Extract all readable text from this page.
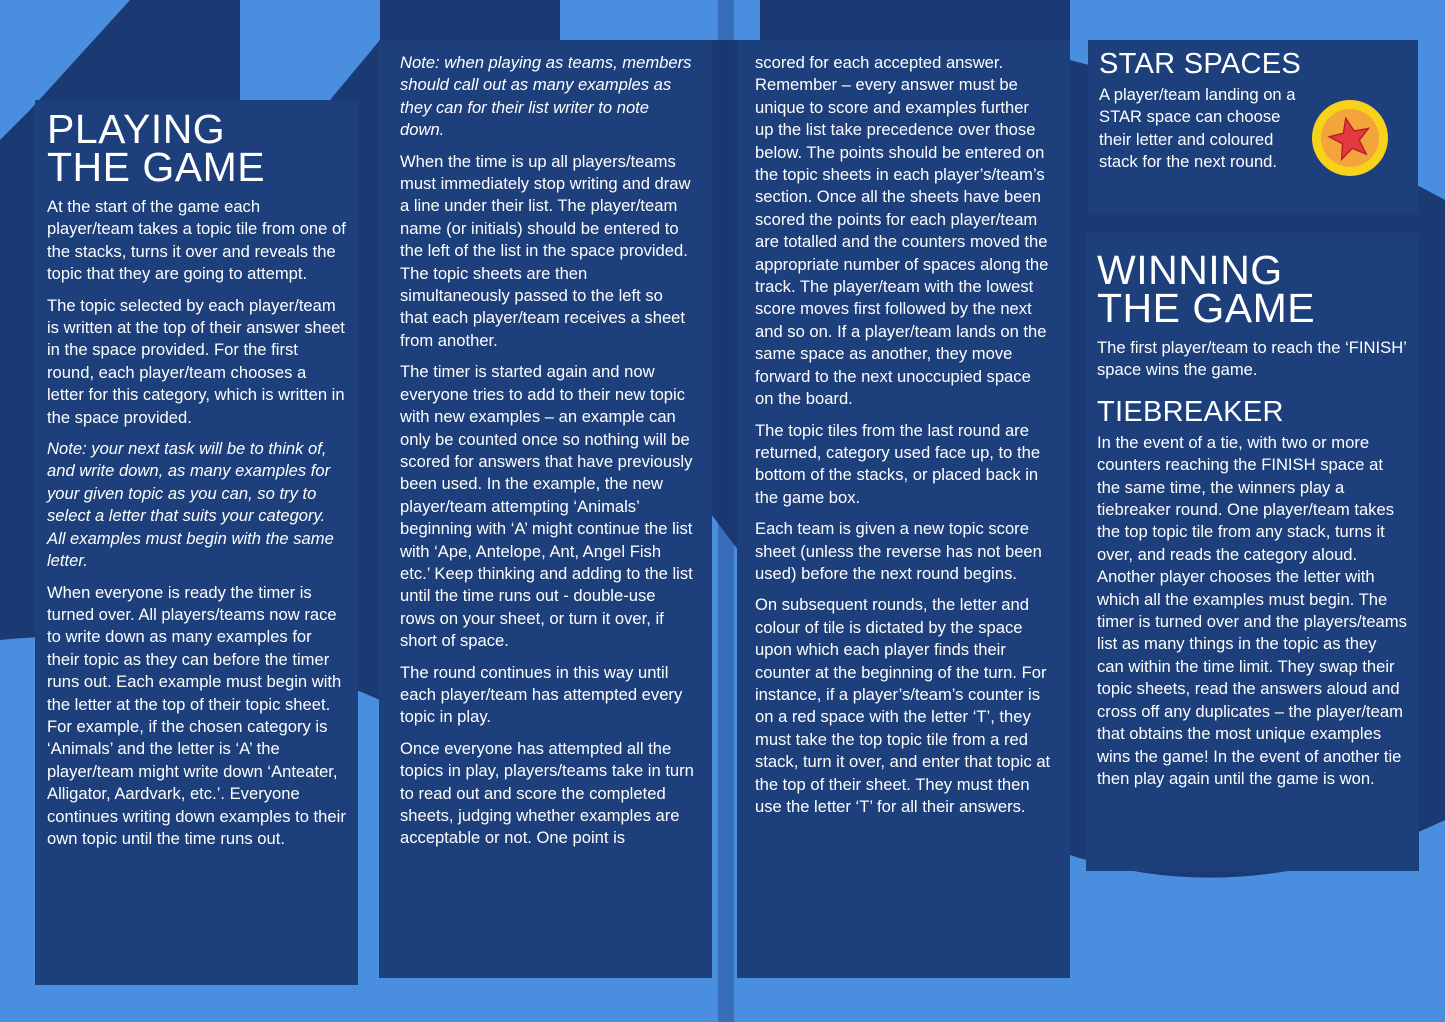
PLAYING
THE GAME

At the start of the game each player/team takes a topic tile from one of the stacks, turns it over and reveals the topic that they are going to attempt.

The topic selected by each player/team is written at the top of their answer sheet in the space provided. For the first round, each player/team chooses a letter for this category, which is written in the space provided.

Note: your next task will be to think of, and write down, as many examples for your given topic as you can, so try to select a letter that suits your category. All examples must begin with the same letter.

When everyone is ready the timer is turned over. All players/teams now race to write down as many examples for their topic as they can before the timer runs out. Each example must begin with the letter at the top of their topic sheet. For example, if the chosen category is ‘Animals’ and the letter is ‘A’ the player/team might write down ‘Anteater, Alligator, Aardvark, etc.’. Everyone continues writing down examples to their own topic until the time runs out.

Note: when playing as teams, members should call out as many examples as they can for their list writer to note down.

When the time is up all players/teams must immediately stop writing and draw a line under their list. The player/team name (or initials) should be entered to the left of the list in the space provided. The topic sheets are then simultaneously passed to the left so that each player/team receives a sheet from another.

The timer is started again and now everyone tries to add to their new topic with new examples – an example can only be counted once so nothing will be scored for answers that have previously been used. In the example, the new player/team attempting ‘Animals’ beginning with ‘A’ might continue the list with ‘Ape, Antelope, Ant, Angel Fish etc.’ Keep thinking and adding to the list until the time runs out - double-use rows on your sheet, or turn it over, if short of space.

The round continues in this way until each player/team has attempted every topic in play.

Once everyone has attempted all the topics in play, players/teams take in turn to read out and score the completed sheets, judging whether examples are acceptable or not. One point is

scored for each accepted answer. Remember – every answer must be unique to score and examples further up the list take precedence over those below. The points should be entered on the topic sheets in each player’s/team’s section. Once all the sheets have been scored the points for each player/team are totalled and the counters moved the appropriate number of spaces along the track. The player/team with the lowest score moves first followed by the next and so on. If a player/team lands on the same space as another, they move forward to the next unoccupied space on the board.

The topic tiles from the last round are returned, category used face up, to the bottom of the stacks, or placed back in the game box.

Each team is given a new topic score sheet (unless the reverse has not been used) before the next round begins.

On subsequent rounds, the letter and colour of tile is dictated by the space upon which each player finds their counter at the beginning of the turn. For instance, if a player’s/team’s counter is on a red space with the letter ‘T’, they must take the top topic tile from a red stack, turn it over, and enter that topic at the top of their sheet. They must then use the letter ‘T’ for all their answers.

STAR SPACES

A player/team landing on a STAR space can choose their letter and coloured stack for the next round.

WINNING
THE GAME

The first player/team to reach the ‘FINISH’ space wins the game.

TIEBREAKER

In the event of a tie, with two or more counters reaching the FINISH space at the same time, the winners play a tiebreaker round. One player/team takes the top topic tile from any stack, turns it over, and reads the category aloud. Another player chooses the letter with which all the examples must begin. The timer is turned over and the players/teams list as many things in the topic as they can within the time limit. They swap their topic sheets, read the answers aloud and cross off any duplicates – the player/team that obtains the most unique examples wins the game! In the event of another tie then play again until the game is won.
